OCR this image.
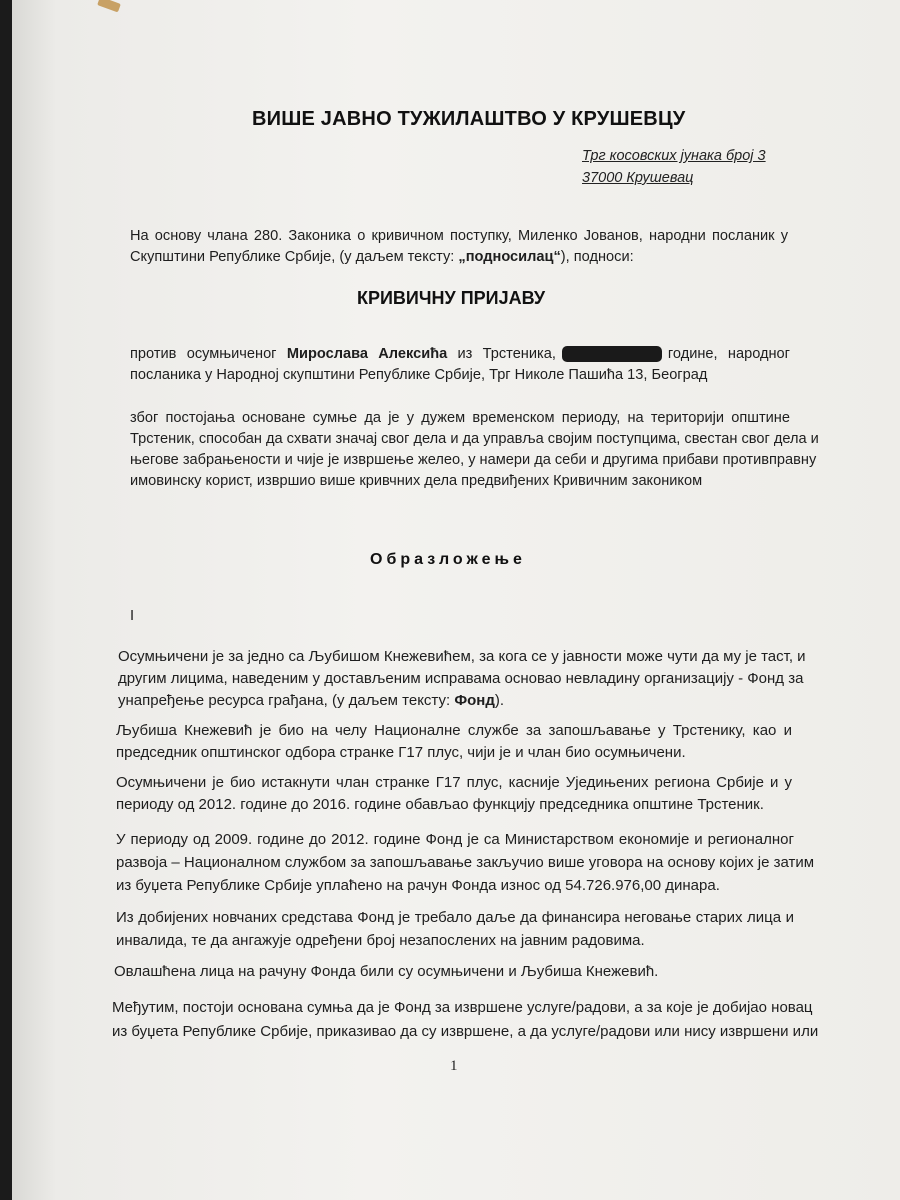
ВИШЕ ЈАВНО ТУЖИЛАШТВО У КРУШЕВЦУ
Трг косовских јунака број 3
37000 Крушевац
На основу члана 280. Законика о кривичном поступку, Миленко Јованов, народни посланик у
Скупштини Републике Србије, (у даљем тексту: „подносилац“), подноси:
КРИВИЧНУ ПРИЈАВУ
против осумњиченог Мирослава Алексића из Трстеника,	године, народног
посланика у Народној скупштини Републике Србије, Трг Николе Пашића 13, Београд
због постојања основане сумње да је у дужем временском периоду, на територији општине
Трстеник, способан да схвати значај свог дела и да управља својим поступцима, свестан свог дела и
његове забрањености и чије је извршење желео, у намери да себи и другима прибави противправну
имовинску корист, извршио више кривчних дела предвиђених Кривичним закоником
Образложење
I
Осумњичени је за једно са Љубишом Кнежевићем, за кога се у јавности може чути да му је таст, и
другим лицима, наведеним у достављеним исправама основао невладину организацију - Фонд за
унапређење ресурса грађана, (у даљем тексту: Фонд).
Љубиша Кнежевић је био на челу Националне службе за запошљавање у Трстенику, као и
председник општинског одбора странке Г17 плус, чији је и члан био осумњичени.
Осумњичени је био истакнути члан странке Г17 плус, касније Уједињених региона Србије и у
периоду од 2012. године до 2016. године обављао функцију председника општине Трстеник.
У периоду од 2009. године до 2012. године Фонд је са Министарством економије и регионалног
развоја – Националном службом за запошљавање закључио више уговора на основу којих је затим
из буџета Републике Србије уплаћено на рачун Фонда износ од 54.726.976,00 динара.
Из добијених новчаних средстава Фонд је требало даље да финансира неговање старих лица и
инвалида, те да ангажује одређени број незапослених на јавним радовима.
Овлашћена лица на рачуну Фонда били су осумњичени и Љубиша Кнежевић.
Међутим, постоји основана сумња да је Фонд за извршене услуге/радови, а за које је добијао новац
из буџета Републике Србије, приказивао да су извршене, а да услуге/радови или нису извршени или
1
